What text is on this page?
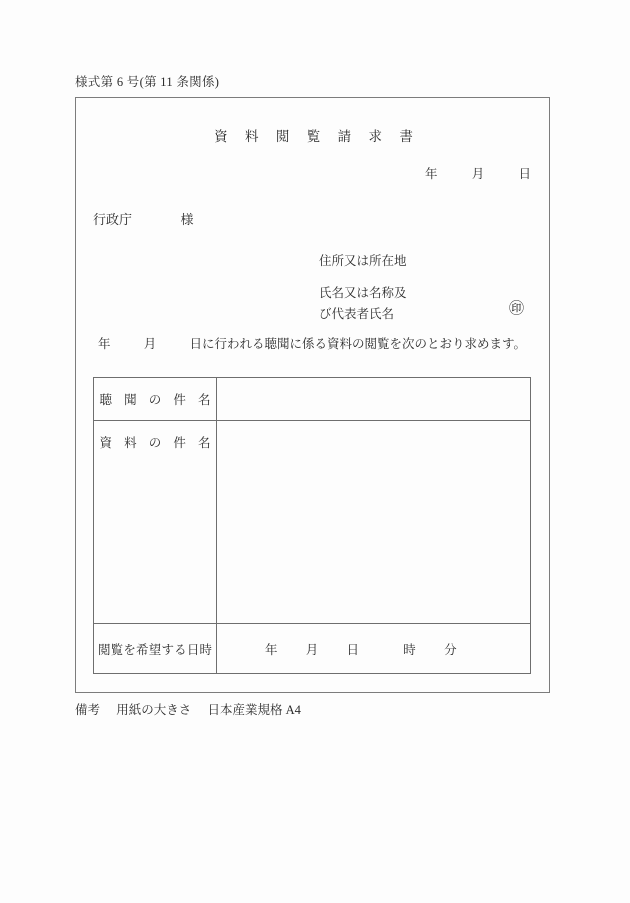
様式第 6 号(第 11 条関係)
資 料 閲 覧 請 求 書
年	月	日
行政庁	様
住所又は所在地
氏名又は名称及
び代表者氏名	㊞
年	月	日に行われる聴聞に係る資料の閲覧を次のとおり求めます。
聴 聞 の 件 名	

資 料 の 件 名	

閲覧を希望する日時	年 月 日 時 分
備考 用紙の大きさ 日本産業規格 A4
